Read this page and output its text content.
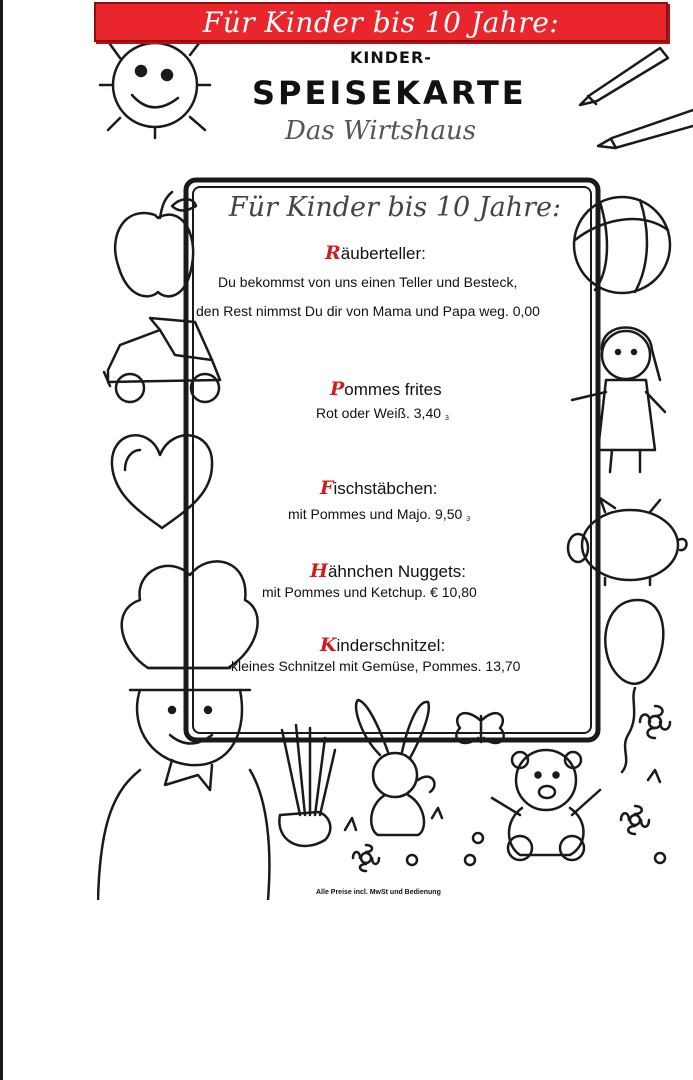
Für Kinder bis 10 Jahre:
KINDER-
SPEISEKARTE
Das Wirtshaus
Für Kinder bis 10 Jahre:
Räuberteller:
Du bekommst von uns einen Teller und Besteck,
den Rest nimmst Du dir von Mama und Papa weg. 0,00
Pommes frites
Rot oder Weiß. 3,40 $_3$
Fischstäbchen:
mit Pommes und Majo. 9,50 $_3$
Hähnchen Nuggets:
mit Pommes und Ketchup. € 10,80
Kinderschnitzel:
kleines Schnitzel mit Gemüse, Pommes. 13,70
Alle Preise incl. MwSt und Bedienung
